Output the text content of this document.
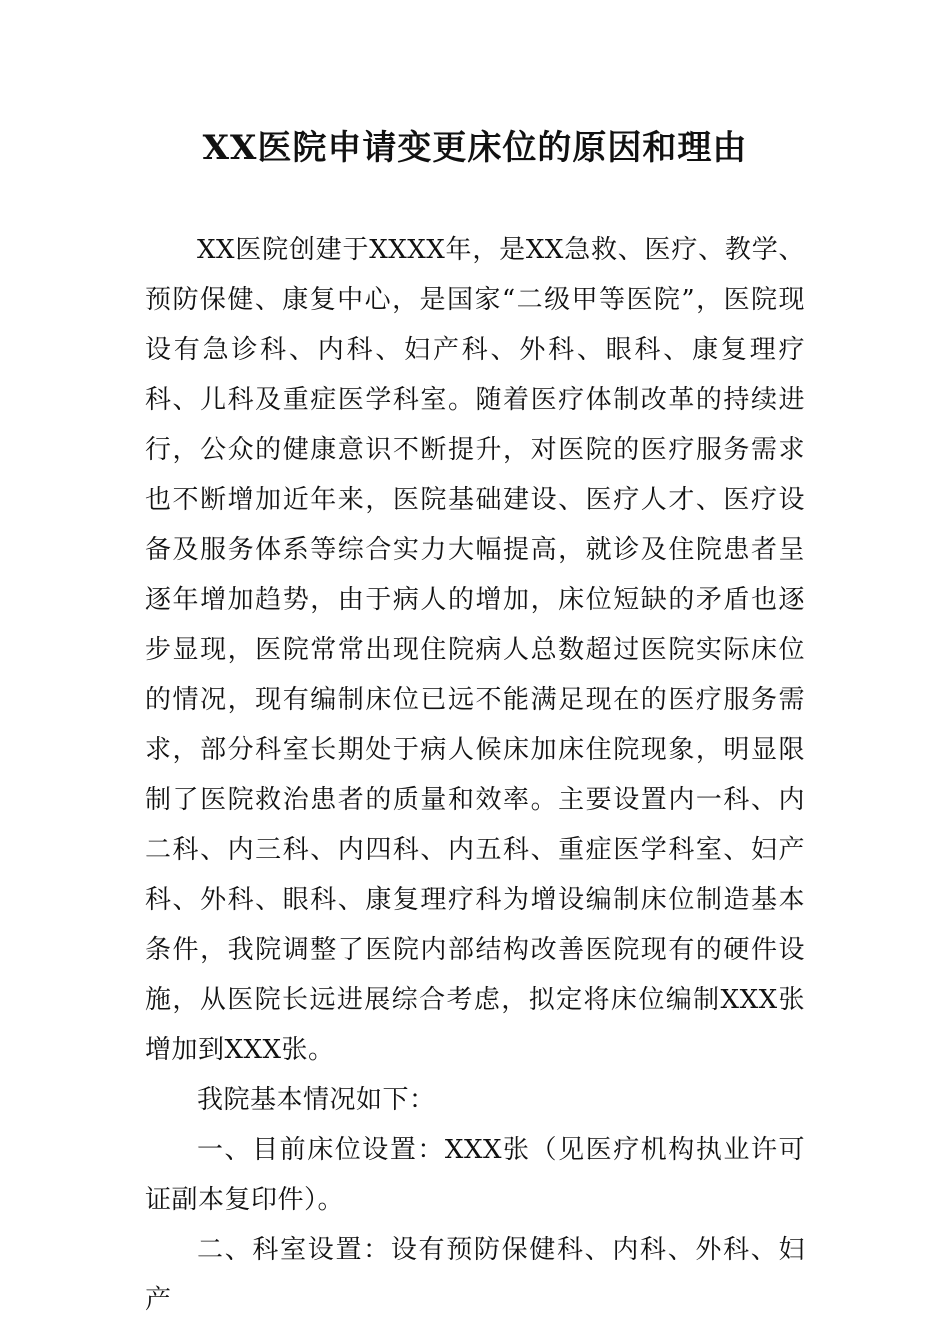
XX医院申请变更床位的原因和理由

XX医院创建于XXXX年，是XX急救、医疗、教学、预防保健、康复中心，是国家“二级甲等医院”，医院现设有急诊科、内科、妇产科、外科、眼科、康复理疗科、儿科及重症医学科室。随着医疗体制改革的持续进行，公众的健康意识不断提升，对医院的医疗服务需求也不断增加近年来，医院基础建设、医疗人才、医疗设备及服务体系等综合实力大幅提高，就诊及住院患者呈逐年增加趋势，由于病人的增加，床位短缺的矛盾也逐步显现，医院常常出现住院病人总数超过医院实际床位的情况，现有编制床位已远不能满足现在的医疗服务需求，部分科室长期处于病人候床加床住院现象，明显限制了医院救治患者的质量和效率。主要设置内一科、内二科、内三科、内四科、内五科、重症医学科室、妇产科、外科、眼科、康复理疗科为增设编制床位制造基本条件，我院调整了医院内部结构改善医院现有的硬件设施，从医院长远进展综合考虑，拟定将床位编制XXX张增加到XXX张。

我院基本情况如下：

一、目前床位设置：XXX张（见医疗机构执业许可证副本复印件）。

二、科室设置：设有预防保健科、内科、外科、妇产
